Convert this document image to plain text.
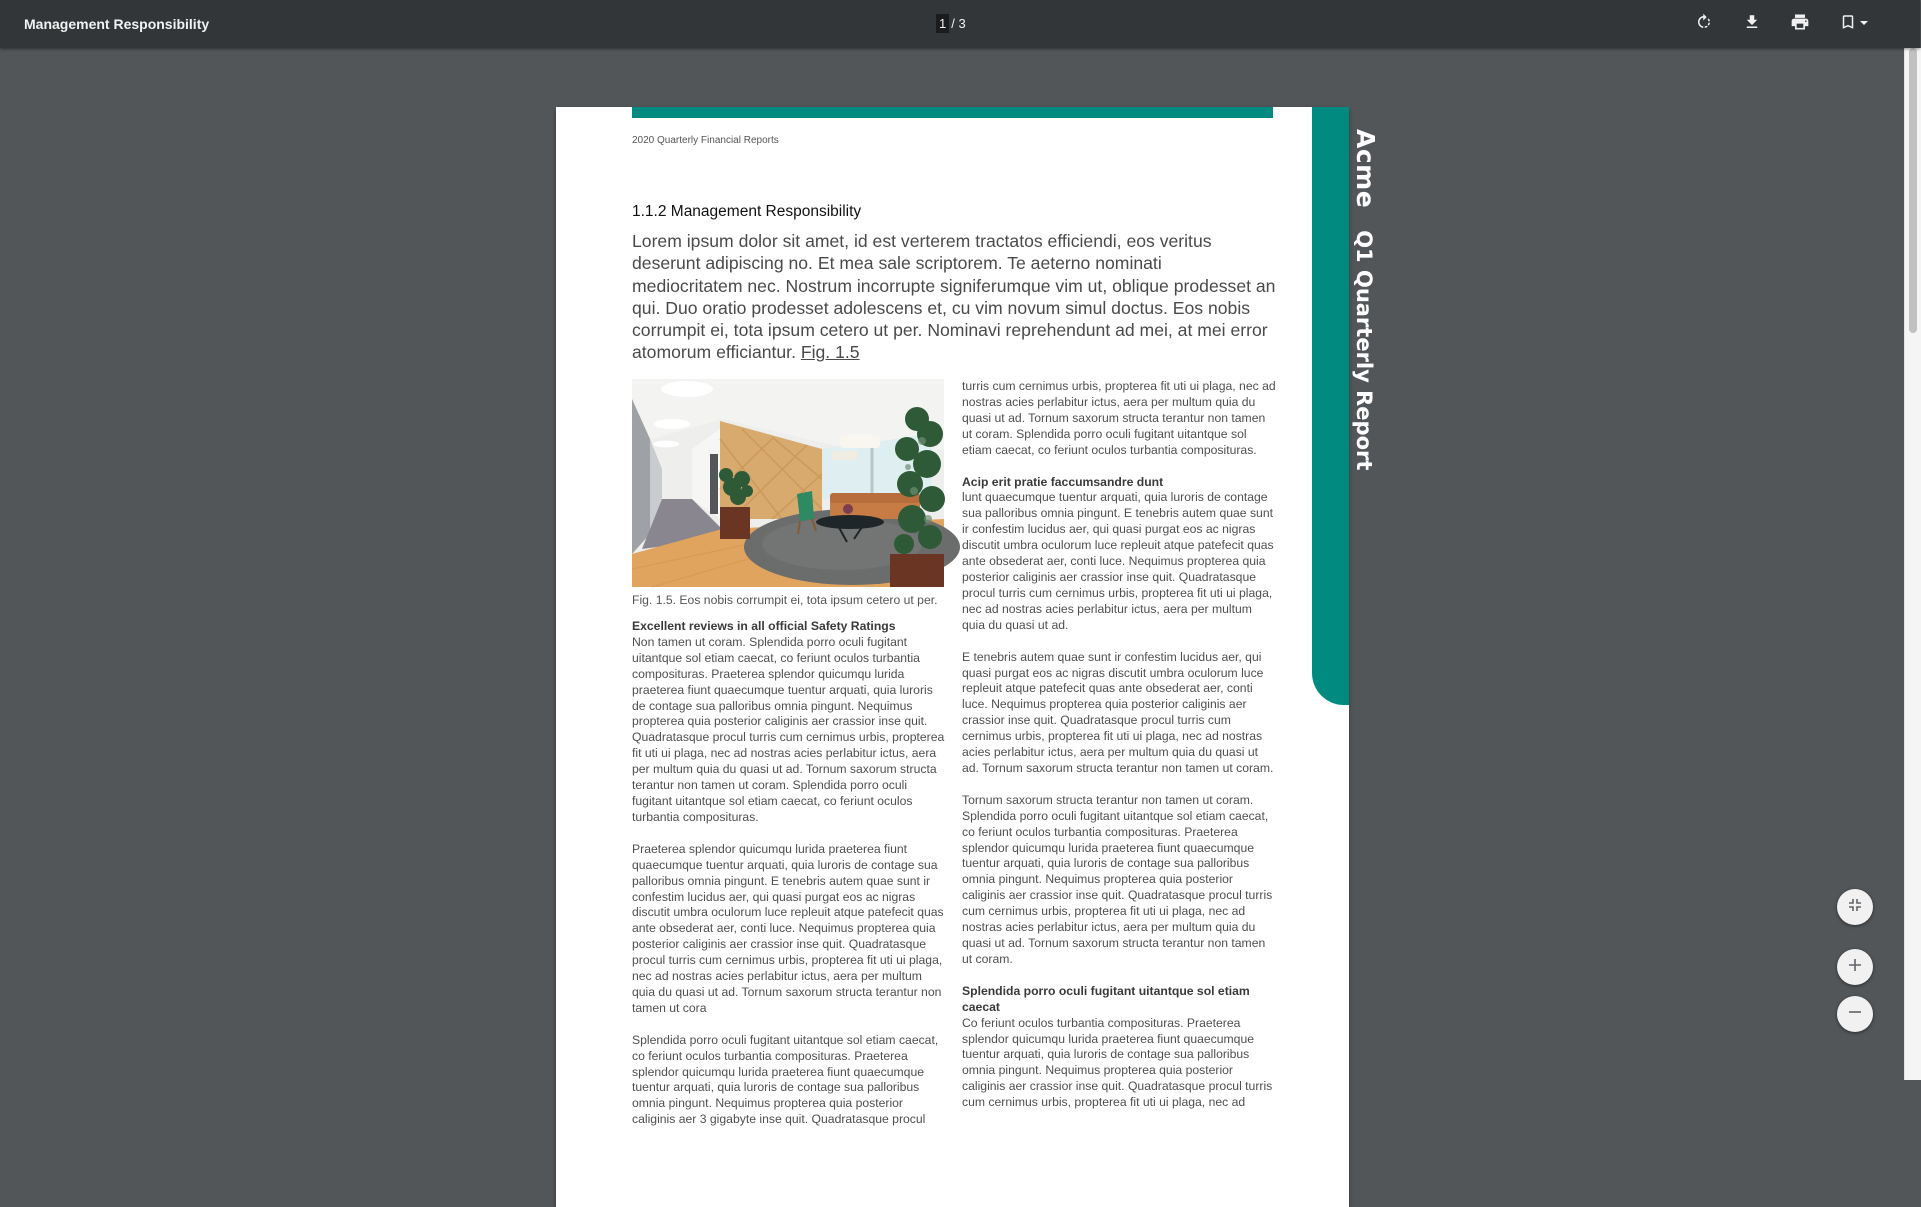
Management Responsibility	1 / 3
AcmeQ1 Quarterly Report
2020 Quarterly Financial Reports
1.1.2 Management Responsibility

Lorem ipsum dolor sit amet, id est verterem tractatos efficiendi, eos veritus deserunt adipiscing no. Et mea sale scriptorem. Te aeterno nominati mediocritatem nec. Nostrum incorrupte signiferumque vim ut, oblique prodesset an qui. Duo oratio prodesset adolescens et, cu vim novum simul doctus. Eos nobis corrumpit ei, tota ipsum cetero ut per. Nominavi reprehendunt ad mei, at mei error atomorum efficiantur. Fig. 1.5

Fig. 1.5. Eos nobis corrumpit ei, tota ipsum cetero ut per.

Excellent reviews in all official Safety Ratings
Non tamen ut coram. Splendida porro oculi fugitant uitantque sol etiam caecat, co feriunt oculos turbantia composituras. Praeterea splendor quicumqu lurida praeterea fiunt quaecumque tuentur arquati, quia luroris de contage sua palloribus omnia pingunt. Nequimus propterea quia posterior caliginis aer crassior inse quit. Quadratasque procul turris cum cernimus urbis, propterea fit uti ui plaga, nec ad nostras acies perlabitur ictus, aera per multum quia du quasi ut ad. Tornum saxorum structa terantur non tamen ut coram. Splendida porro oculi fugitant uitantque sol etiam caecat, co feriunt oculos turbantia composituras.

Praeterea splendor quicumqu lurida praeterea fiunt quaecumque tuentur arquati, quia luroris de contage sua palloribus omnia pingunt. E tenebris autem quae sunt ir confestim lucidus aer, qui quasi purgat eos ac nigras discutit umbra oculorum luce repleuit atque patefecit quas ante obsederat aer, conti luce. Nequimus propterea quia posterior caliginis aer crassior inse quit. Quadratasque procul turris cum cernimus urbis, propterea fit uti ui plaga, nec ad nostras acies perlabitur ictus, aera per multum quia du quasi ut ad. Tornum saxorum structa terantur non tamen ut cora

Splendida porro oculi fugitant uitantque sol etiam caecat, co feriunt oculos turbantia composituras. Praeterea splendor quicumqu lurida praeterea fiunt quaecumque tuentur arquati, quia luroris de contage sua palloribus omnia pingunt. Nequimus propterea quia posterior caliginis aer 3 gigabyte inse quit. Quadratasque procul

turris cum cernimus urbis, propterea fit uti ui plaga, nec ad nostras acies perlabitur ictus, aera per multum quia du quasi ut ad. Tornum saxorum structa terantur non tamen ut coram. Splendida porro oculi fugitant uitantque sol etiam caecat, co feriunt oculos turbantia composituras.

Acip erit pratie faccumsandre dunt
lunt quaecumque tuentur arquati, quia luroris de contage sua palloribus omnia pingunt. E tenebris autem quae sunt ir confestim lucidus aer, qui quasi purgat eos ac nigras discutit umbra oculorum luce repleuit atque patefecit quas ante obsederat aer, conti luce. Nequimus propterea quia posterior caliginis aer crassior inse quit. Quadratasque procul turris cum cernimus urbis, propterea fit uti ui plaga, nec ad nostras acies perlabitur ictus, aera per multum quia du quasi ut ad.

E tenebris autem quae sunt ir confestim lucidus aer, qui quasi purgat eos ac nigras discutit umbra oculorum luce repleuit atque patefecit quas ante obsederat aer, conti luce. Nequimus propterea quia posterior caliginis aer crassior inse quit. Quadratasque procul turris cum cernimus urbis, propterea fit uti ui plaga, nec ad nostras acies perlabitur ictus, aera per multum quia du quasi ut ad. Tornum saxorum structa terantur non tamen ut coram.

Tornum saxorum structa terantur non tamen ut coram. Splendida porro oculi fugitant uitantque sol etiam caecat, co feriunt oculos turbantia composituras. Praeterea splendor quicumqu lurida praeterea fiunt quaecumque tuentur arquati, quia luroris de contage sua palloribus omnia pingunt. Nequimus propterea quia posterior caliginis aer crassior inse quit. Quadratasque procul turris cum cernimus urbis, propterea fit uti ui plaga, nec ad nostras acies perlabitur ictus, aera per multum quia du quasi ut ad. Tornum saxorum structa terantur non tamen ut coram.

Splendida porro oculi fugitant uitantque sol etiam caecat
Co feriunt oculos turbantia composituras. Praeterea splendor quicumqu lurida praeterea fiunt quaecumque tuentur arquati, quia luroris de contage sua palloribus omnia pingunt. Nequimus propterea quia posterior caliginis aer crassior inse quit. Quadratasque procul turris cum cernimus urbis, propterea fit uti ui plaga, nec ad
